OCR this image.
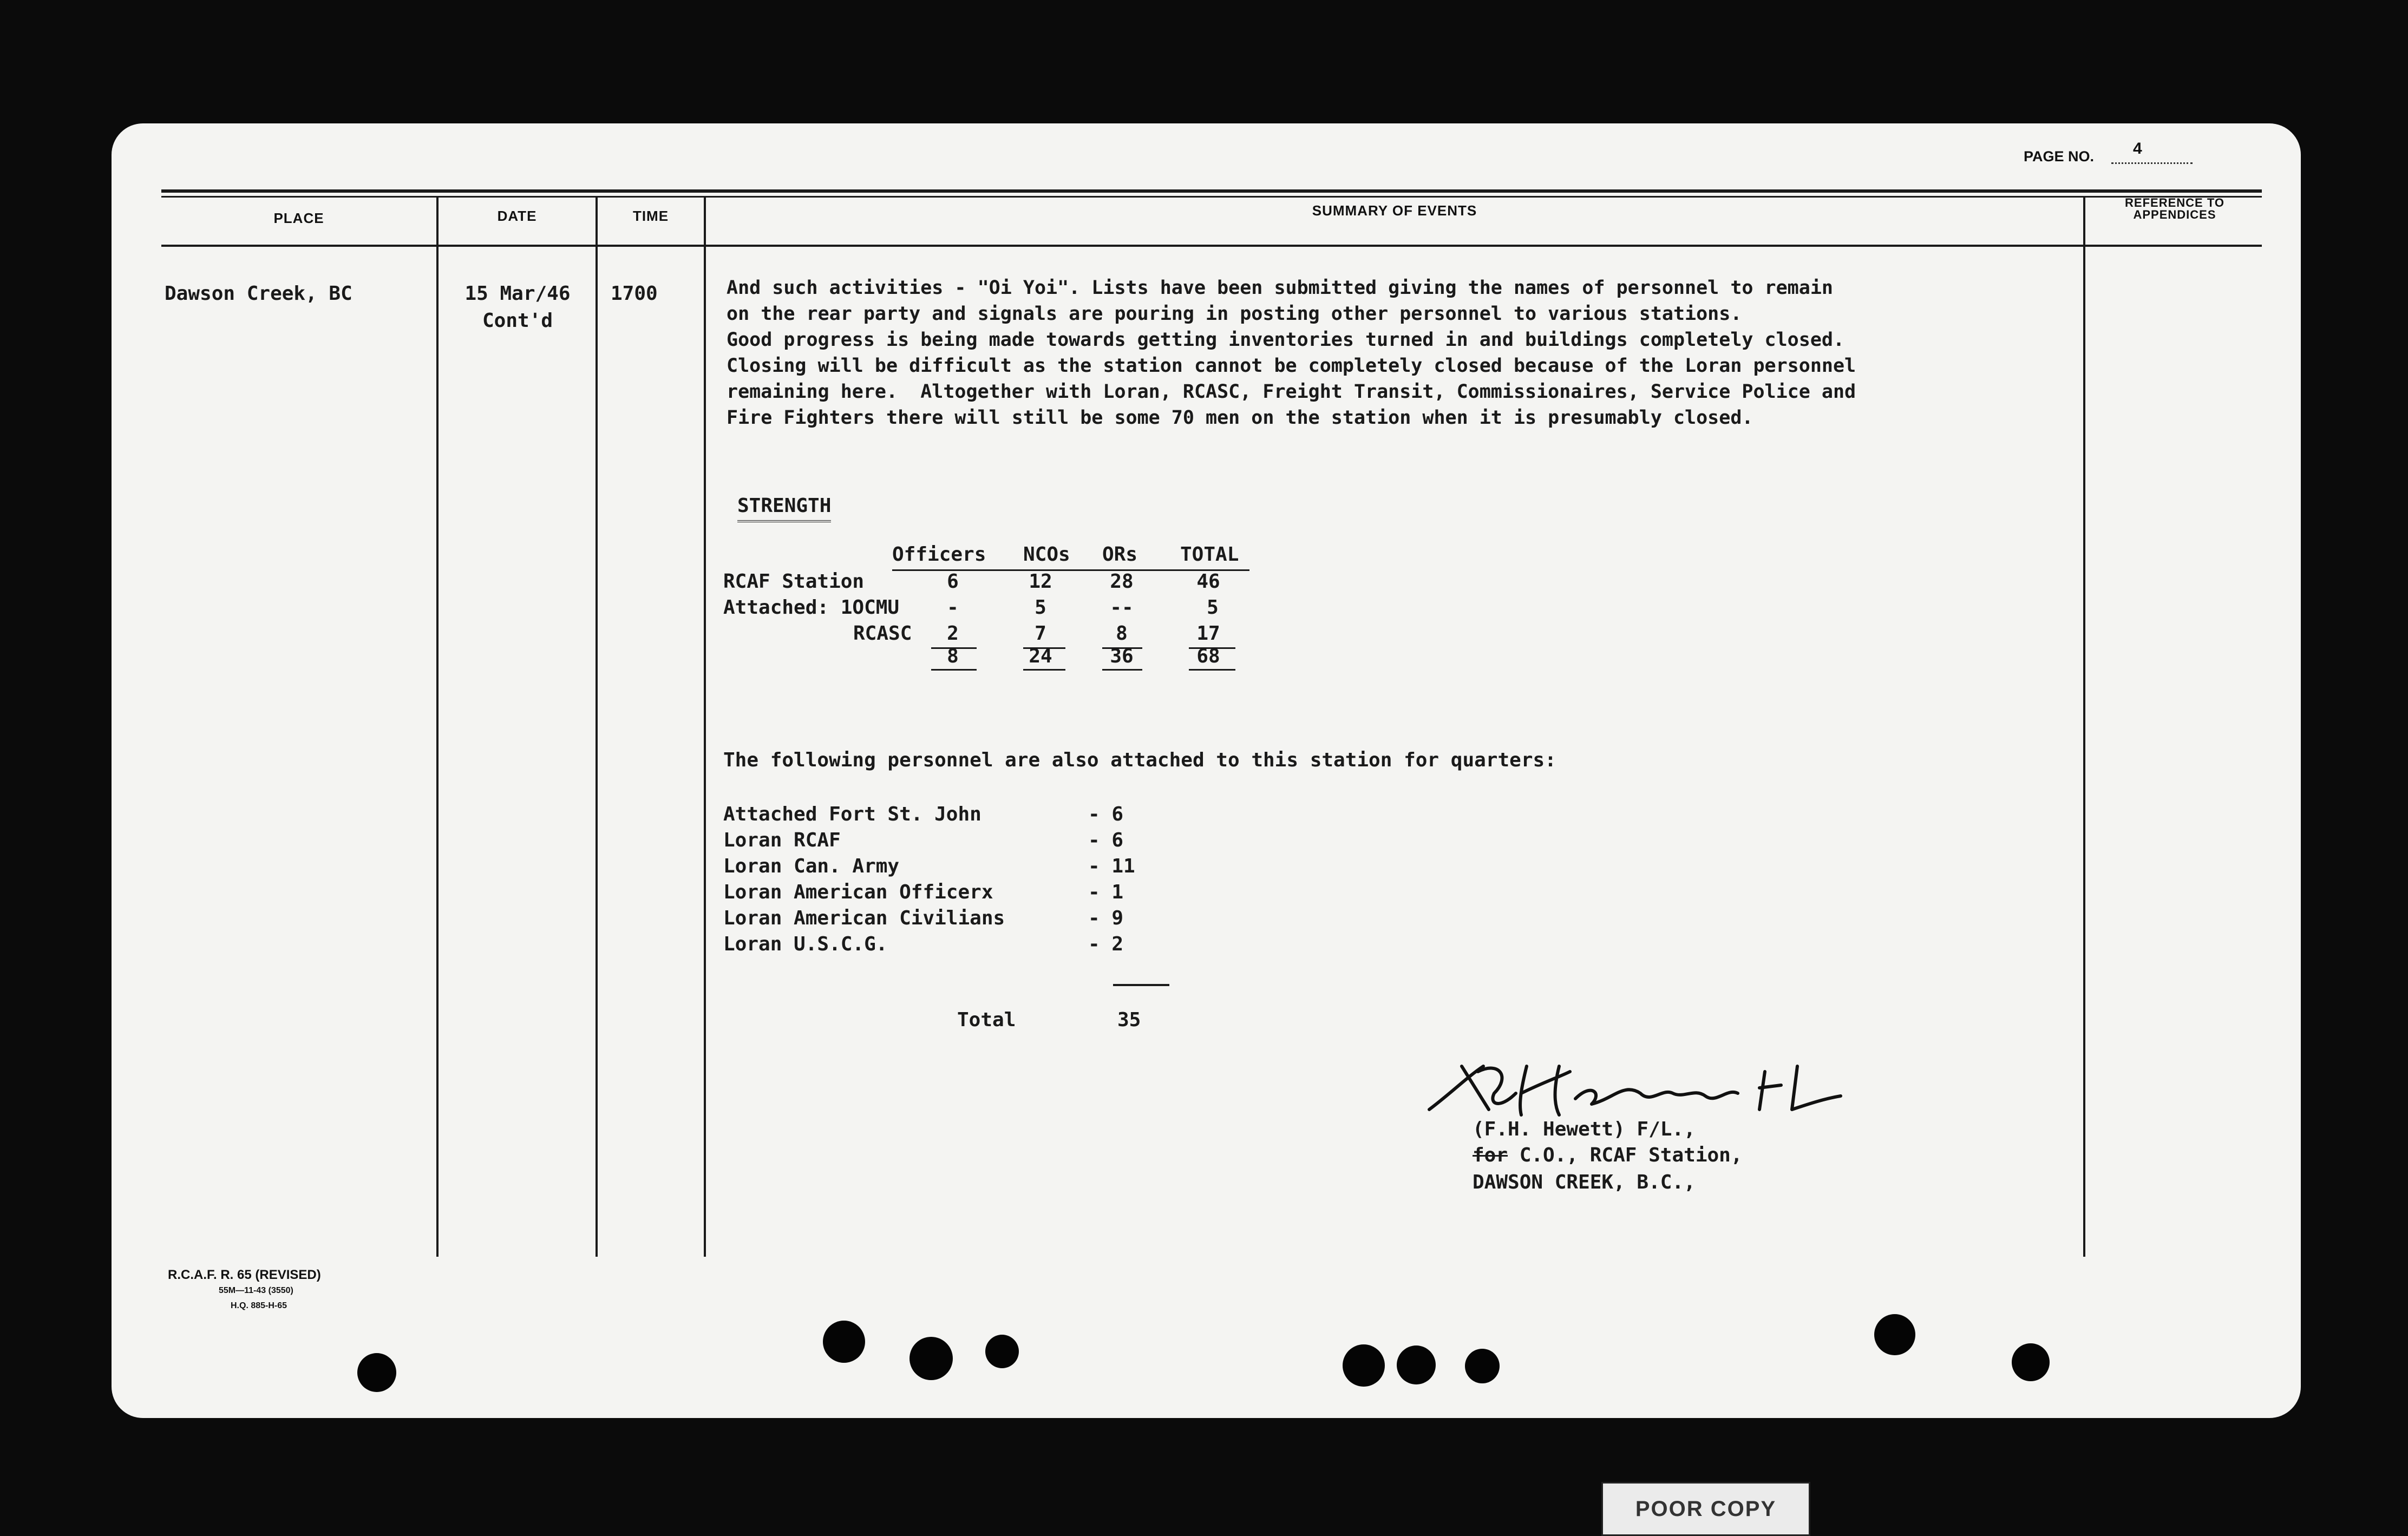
PAGE NO. 4
PLACE	DATE	TIME	SUMMARY OF EVENTS	REFERENCE TO
APPENDICES
Dawson Creek, BC	15 Mar/46
Cont'd
1700	And such activities - "Oi Yoi". Lists have been submitted giving the names of personnel to remain
on the rear party and signals are pouring in posting other personnel to various stations.
Good progress is being made towards getting inventories turned in and buildings completely closed.
Closing will be difficult as the station cannot be completely closed because of the Loran personnel
remaining here.  Altogether with Loran, RCASC, Freight Transit, Commissionaires, Service Police and
Fire Fighters there will still be some 70 men on the station when it is presumably closed.
STRENGTH
Officers NCOs ORs TOTAL
RCAF Station	6	12	28	46
Attached: 1OCMU	-	5	--	5
RCASC	2	7	8	17
8	24	36	68
The following personnel are also attached to this station for quarters:
Attached Fort St. John	- 6
Loran RCAF	- 6
Loran Can. Army	- 11
Loran American Officerx	- 1
Loran American Civilians	- 9
Loran U.S.C.G.	- 2
Total	35
(F.H. Hewett) F/L.,
for C.O., RCAF Station,
DAWSON CREEK, B.C.,
R.C.A.F. R. 65 (REVISED)
55M—11-43 (3550)
H.Q. 885-H-65
POOR COPY
